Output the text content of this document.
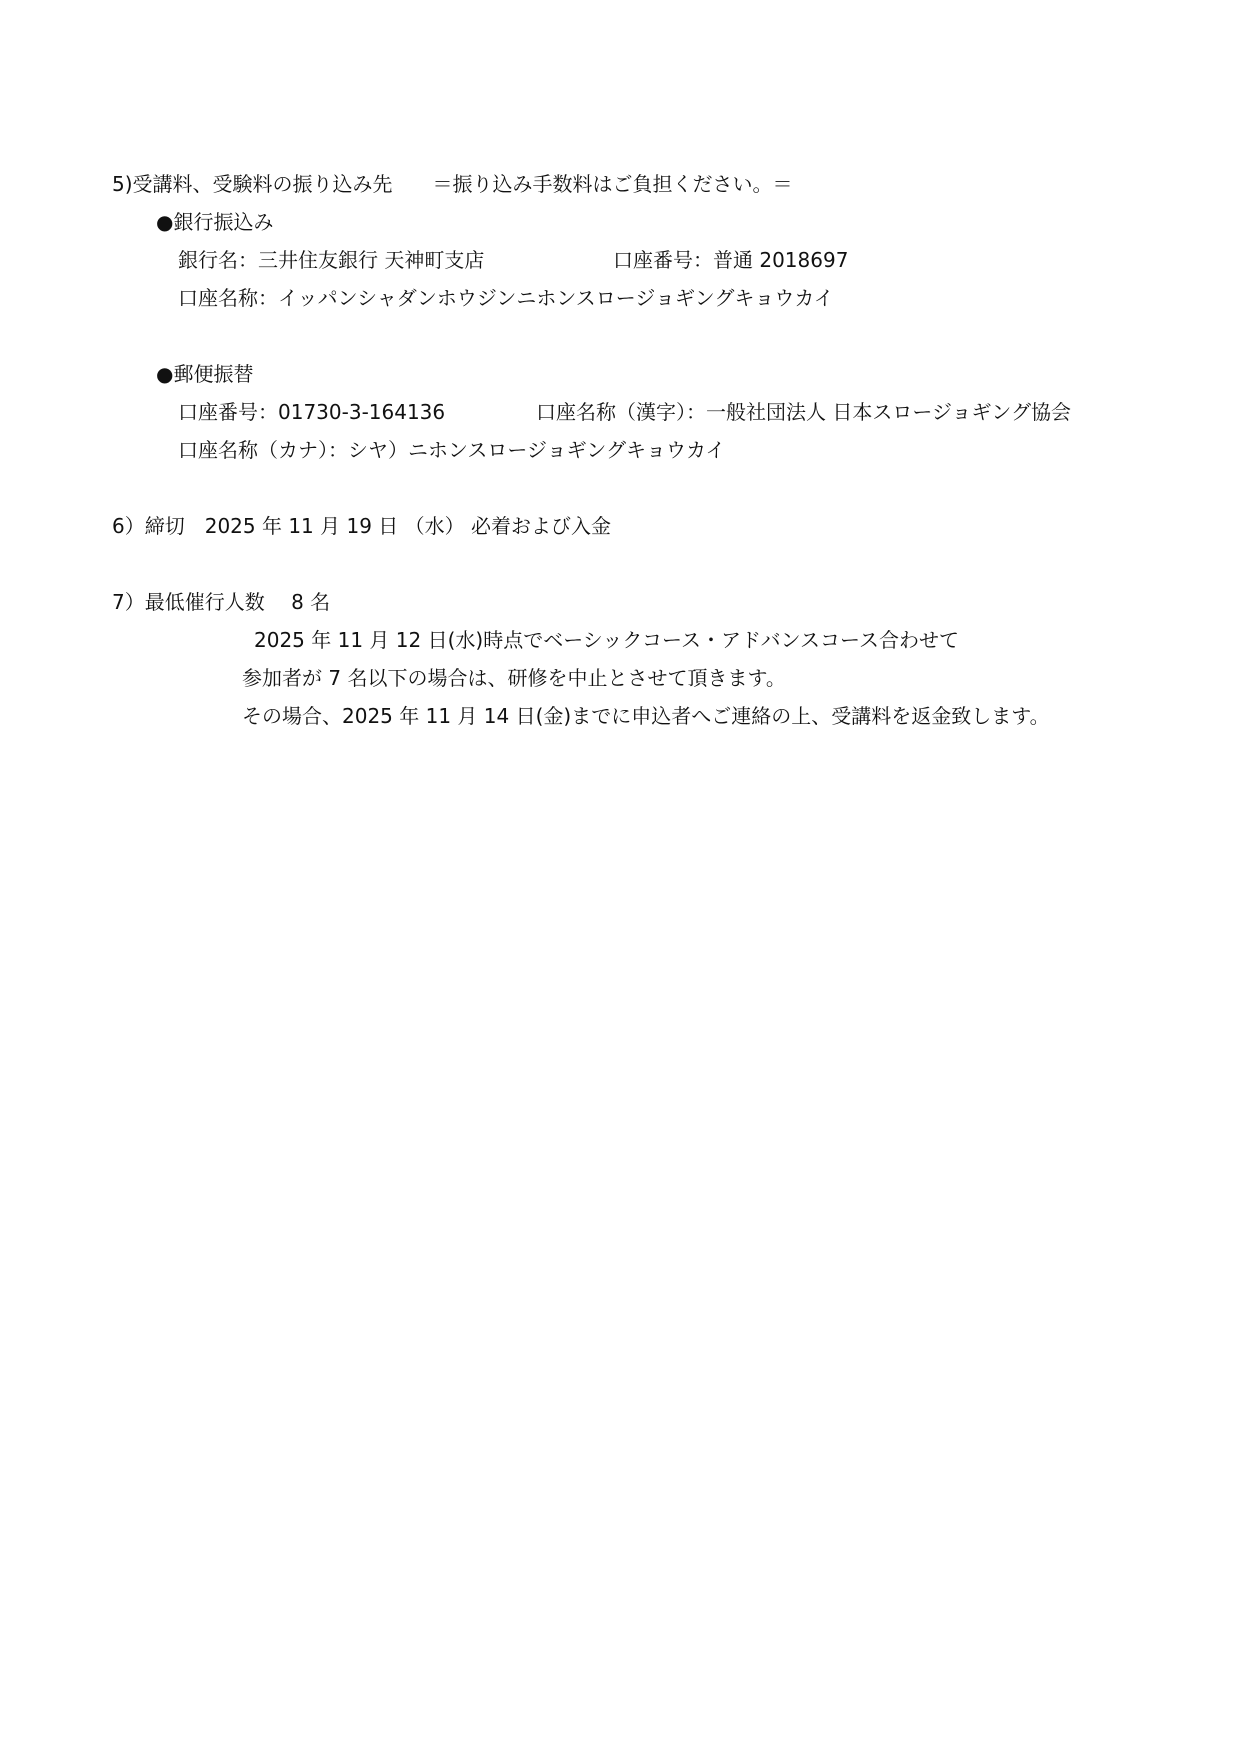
5)受講料、受験料の振り込み先　　＝振り込み手数料はご負担ください。＝
●銀行振込み
銀行名：三井住友銀行 天神町支店	口座番号：普通 2018697
口座名称：イッパンシャダンホウジンニホンスロージョギングキョウカイ
●郵便振替
口座番号：01730-3-164136	口座名称（漢字）：一般社団法人 日本スロージョギング協会
口座名称（カナ）：シヤ）ニホンスロージョギングキョウカイ
6）締切　2025 年 11 月 19 日 （水） 必着および入金
7）最低催行人数　 8 名
2025 年 11 月 12 日(水)時点でベーシックコース・アドバンスコース合わせて
参加者が 7 名以下の場合は、研修を中止とさせて頂きます。
その場合、2025 年 11 月 14 日(金)までに申込者へご連絡の上、受講料を返金致します。
